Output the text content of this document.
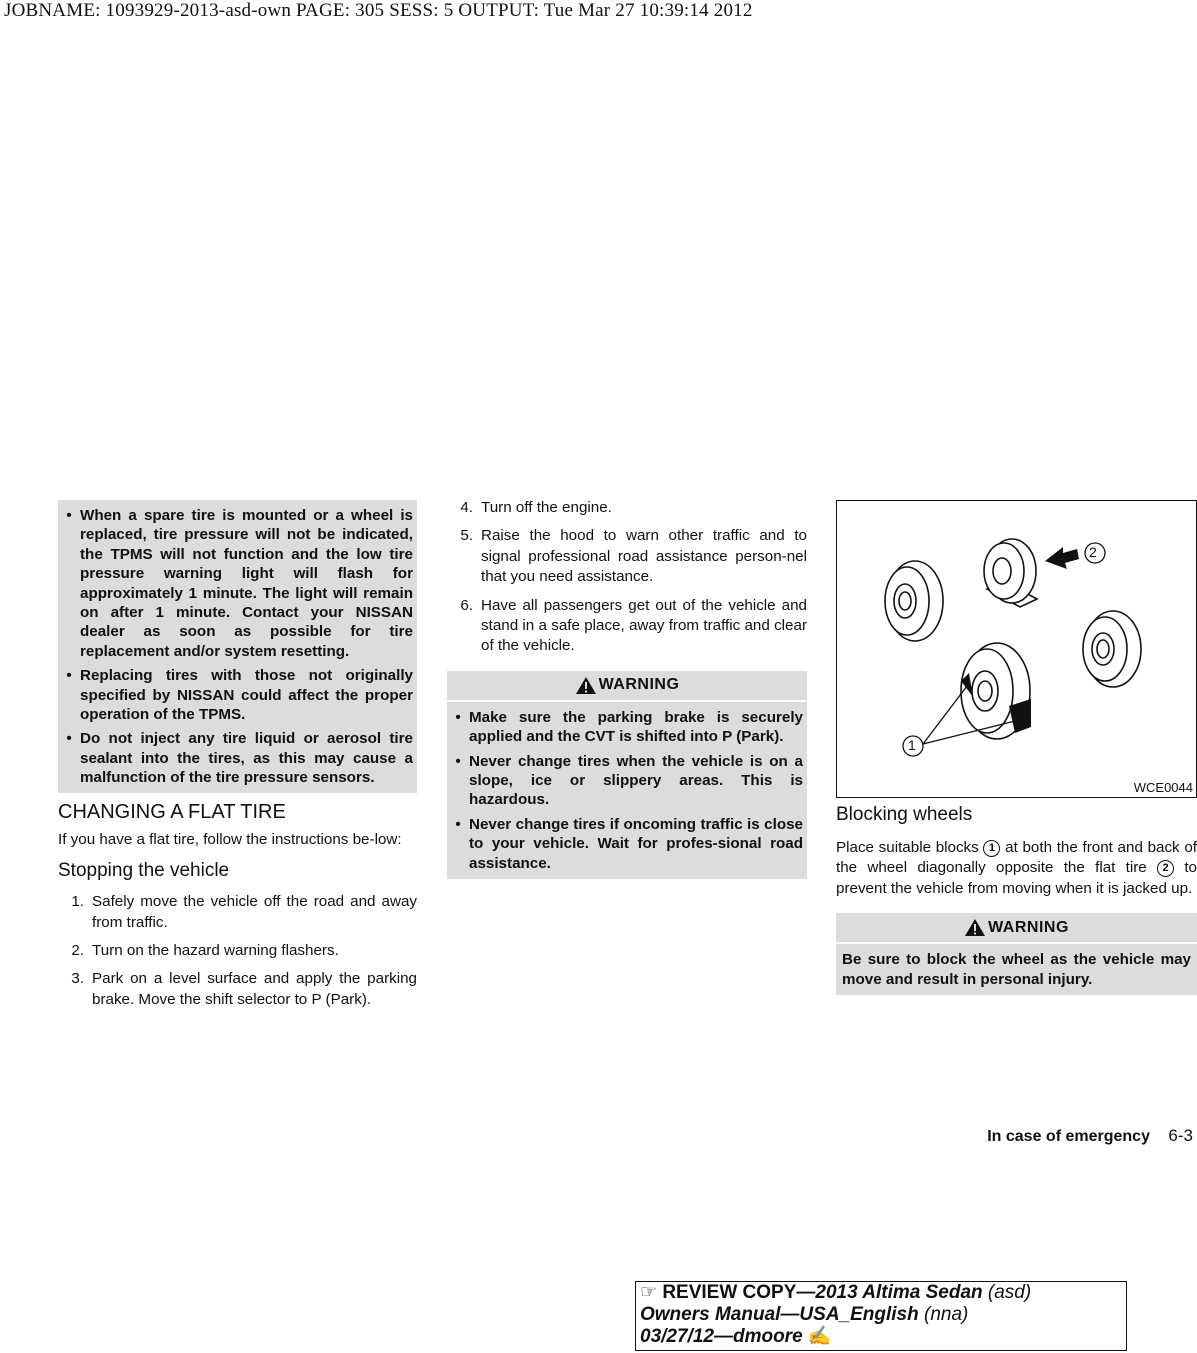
JOBNAME: 1093929-2013-asd-own PAGE: 305 SESS: 5 OUTPUT: Tue Mar 27 10:39:14 2012
• When a spare tire is mounted or a wheel is replaced, tire pressure will not be indicated, the TPMS will not function and the low tire pressure warning light will flash for approximately 1 minute. The light will remain on after 1 minute. Contact your NISSAN dealer as soon as possible for tire replacement and/or system resetting.
• Replacing tires with those not originally specified by NISSAN could affect the proper operation of the TPMS.
• Do not inject any tire liquid or aerosol tire sealant into the tires, as this may cause a malfunction of the tire pressure sensors.
CHANGING A FLAT TIRE
If you have a flat tire, follow the instructions be-low:
Stopping the vehicle
1. Safely move the vehicle off the road and away from traffic.
2. Turn on the hazard warning flashers.
3. Park on a level surface and apply the parking brake. Move the shift selector to P (Park).
4. Turn off the engine.
5. Raise the hood to warn other traffic and to signal professional road assistance person-nel that you need assistance.
6. Have all passengers get out of the vehicle and stand in a safe place, away from traffic and clear of the vehicle.
WARNING
• Make sure the parking brake is securely applied and the CVT is shifted into P (Park).
• Never change tires when the vehicle is on a slope, ice or slippery areas. This is hazardous.
• Never change tires if oncoming traffic is close to your vehicle. Wait for profes-sional road assistance.
2
1
WCE0044
Blocking wheels
Place suitable blocks 1 at both the front and back of the wheel diagonally opposite the flat tire 2 to prevent the vehicle from moving when it is jacked up.
WARNING
Be sure to block the wheel as the vehicle may move and result in personal injury.
In case of emergency 6-3
☞ REVIEW COPY—2013 Altima Sedan (asd)
Owners Manual—USA_English (nna)
03/27/12—dmoore ✍
